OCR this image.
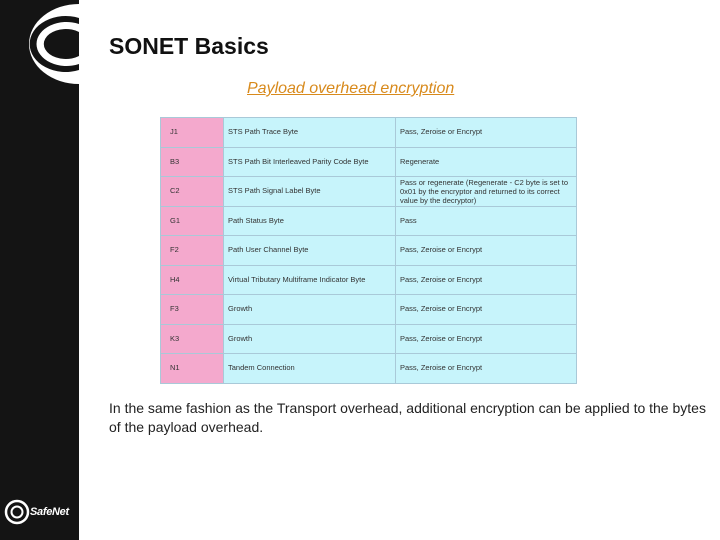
SafeNet
SONET Basics
Payload overhead encryption
J1	STS Path Trace Byte	Pass, Zeroise or Encrypt
B3	STS Path Bit Interleaved Parity Code Byte	Regenerate
C2	STS Path Signal Label Byte	Pass or regenerate (Regenerate - C2 byte is set to 0x01 by the encryptor and returned to its correct value by the decryptor)
G1	Path Status Byte	Pass
F2	Path User Channel Byte	Pass, Zeroise or Encrypt
H4	Virtual Tributary Multiframe Indicator Byte	Pass, Zeroise or Encrypt
F3	Growth	Pass, Zeroise or Encrypt
K3	Growth	Pass, Zeroise or Encrypt
N1	Tandem Connection	Pass, Zeroise or Encrypt
In the same fashion as the Transport overhead, additional encryption can be applied to the bytes of the payload overhead.
